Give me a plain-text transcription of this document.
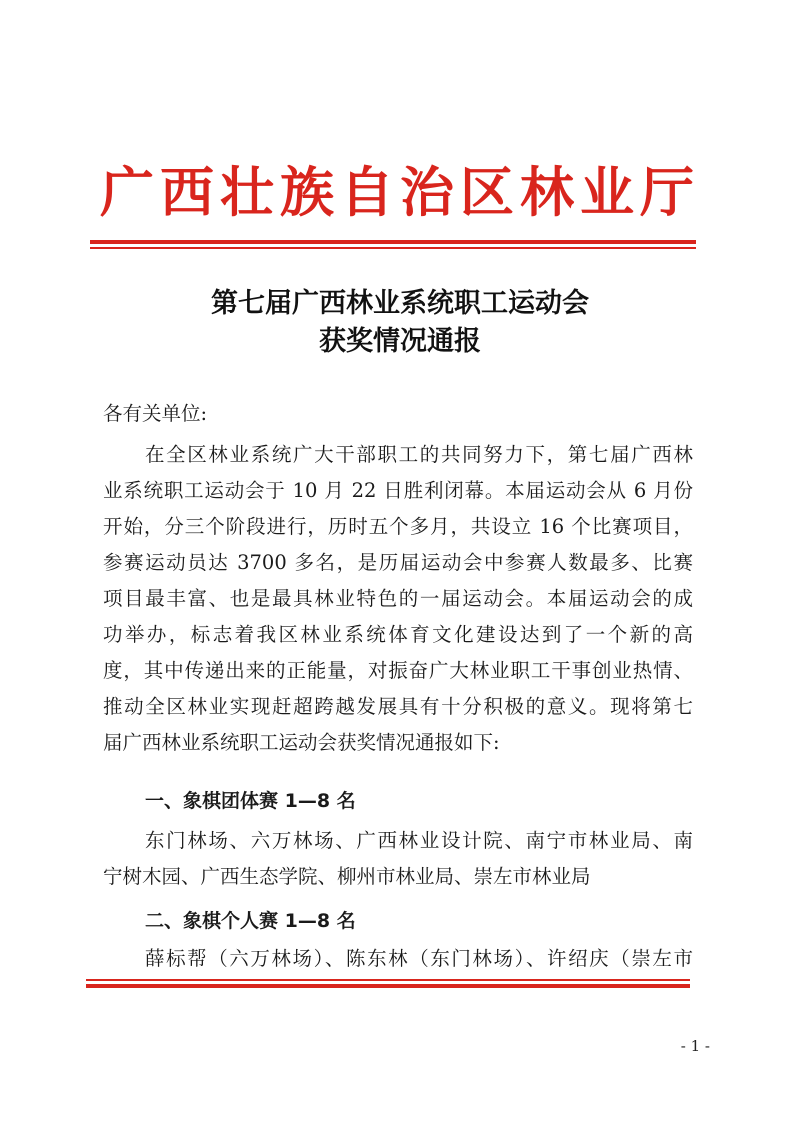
广西壮族自治区林业厅
第七届广西林业系统职工运动会
获奖情况通报
各有关单位:
在全区林业系统广大干部职工的共同努力下，第七届广西林
业系统职工运动会于 10 月 22 日胜利闭幕。本届运动会从 6 月份
开始，分三个阶段进行，历时五个多月，共设立 16 个比赛项目，
参赛运动员达 3700 多名，是历届运动会中参赛人数最多、比赛
项目最丰富、也是最具林业特色的一届运动会。本届运动会的成
功举办，标志着我区林业系统体育文化建设达到了一个新的高
度，其中传递出来的正能量，对振奋广大林业职工干事创业热情、
推动全区林业实现赶超跨越发展具有十分积极的意义。现将第七
届广西林业系统职工运动会获奖情况通报如下:
一、象棋团体赛 1—8 名
东门林场、六万林场、广西林业设计院、南宁市林业局、南
宁树木园、广西生态学院、柳州市林业局、崇左市林业局
二、象棋个人赛 1—8 名
薛标帮（六万林场）、陈东林（东门林场）、许绍庆（崇左市
- 1 -
